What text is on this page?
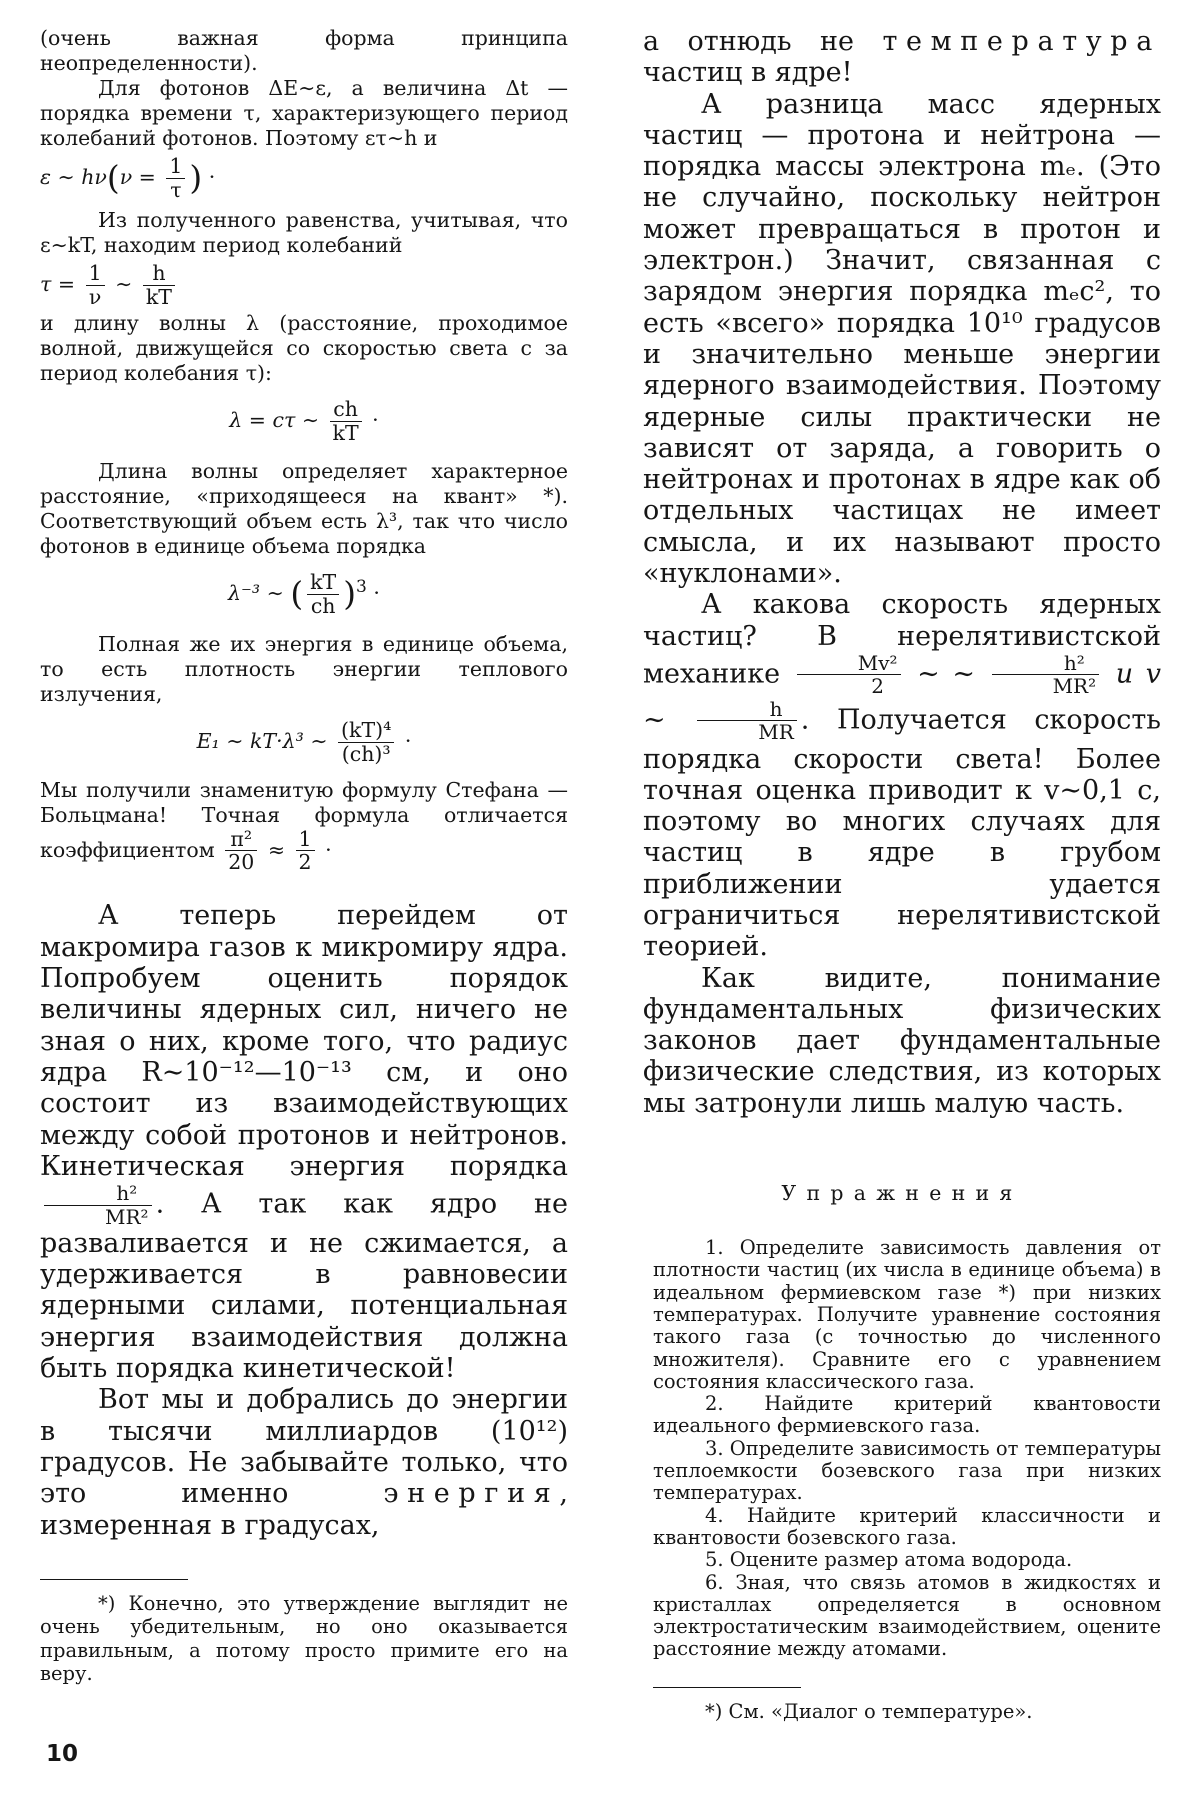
(очень важная форма принципа неопределенности).

Для фотонов ΔE∼ε, а величина Δt — порядка времени τ, характеризующего период колебаний фотонов. Поэтому ετ∼h и

ε ∼ $h\nu(\nu = \frac{1}{\tau}$ ) ·

Из полученного равенства, учитывая, что ε∼kT, находим период колебаний

$\tau = \frac{1}{\nu}$ ∼ $\frac{h}{kT}$

и длину волны λ (расстояние, проходимое волной, движущейся со скоростью света c за период колебания τ):

λ = cτ ∼ $\frac{ch}{kT}$ ·

Длина волны определяет характерное расстояние, «приходящееся на квант» *). Соответствующий объем есть λ³, так что число фотонов в единице объема порядка

λ⁻³ ∼ ( $\frac{kT}{ch} )^3$ ·

Полная же их энергия в единице объема, то есть плотность энергии теплового излучения,

E₁ ∼ kT·λ³ ∼ $\frac{\text{(kT)⁴}}{\text{(ch)³}}$ ·

Мы получили знаменитую формулу Стефана — Больцмана! Точная формула отличается коэффициентом $\frac{\text{π²}}{20} \approx \frac{1}{2}$ ·

А теперь перейдем от макромира газов к микромиру ядра. Попробуем оценить порядок величины ядерных сил, ничего не зная о них, кроме того, что радиус ядра R∼10⁻¹²—10⁻¹³ см, и оно состоит из взаимодействующих между собой протонов и нейтронов. Кинетическая энергия порядка
$\frac{\text{h²}}{\text{MR²}}$ . А так как ядро не разваливается и не сжимается, а удерживается в равновесии ядерными силами, потенциальная энергия взаимодействия должна быть порядка кинетической!

Вот мы и добрались до энергии в тысячи миллиардов (10¹²) градусов. Не забывайте только, что это именно	энергия, измеренная в градусах,

*) Конечно, это утверждение выглядит не очень убедительным, но оно оказывается правильным, а потому просто примите его на веру.

а отнюдь не температура частиц в ядре!

А разница масс ядерных частиц — протона и нейтрона — порядка массы электрона mₑ. (Это не случайно, поскольку нейтрон может превращаться в протон и электрон.) Значит, связанная с зарядом энергия порядка mₑc², то есть «всего» порядка 10¹⁰ градусов и значительно меньше энергии ядерного взаимодействия. Поэтому ядерные силы практически не зависят от заряда, а говорить о нейтронах и протонах в ядре как об отдельных частицах не имеет смысла, и их называют просто «нуклонами».

А какова скорость ядерных частиц? В нерелятивистской механике $\frac{\text{Mv²}}{2}$ ∼ ∼ $\frac{\text{h²}}{\text{MR²}}$ и v ∼ $\frac{h}{MR}$ . Получается скорость порядка скорости света! Более точная оценка приводит к v∼0,1 c, поэтому во многих случаях для частиц в ядре в грубом приближении удается ограничиться нерелятивистской теорией.

Как видите, понимание фундаментальных физических законов дает фундаментальные физические следствия, из которых мы затронули лишь малую часть.

Упражнения

1. Определите зависимость давления от плотности частиц (их числа в единице объема) в идеальном фермиевском газе *) при низких температурах. Получите уравнение состояния такого газа (с точностью до численного множителя). Сравните его с уравнением состояния классического газа.

2. Найдите критерий квантовости идеального фермиевского газа.

3. Определите зависимость от температуры теплоемкости бозевского газа при низких температурах.

4. Найдите критерий классичности и квантовости бозевского газа.

5. Оцените размер атома водорода.

6. Зная, что связь атомов в жидкостях и кристаллах определяется в основном электростатическим взаимодействием, оцените расстояние между атомами.

*) См. «Диалог о температуре».

10
